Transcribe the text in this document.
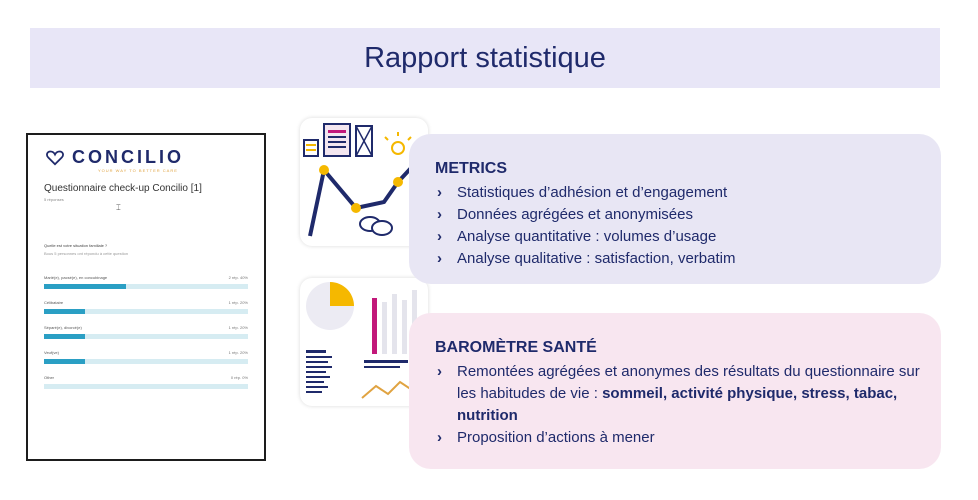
Rapport statistique
CONCILIO
YOUR WAY TO BETTER CARE
Questionnaire check-up Concilio [1]
5 réponses
⌶
Quelle est votre situation familiale ?
Bous 5 personnes ont répondu à cette question
Marié(e), pacsé(e), en concubinage	2 rép. 40%
Célibataire	1 rép. 20%
Séparé(e), divorcé(e)	1 rép. 20%
Veuf(ve)	1 rép. 20%
Other	0 rép. 0%
METRICS
› Statistiques d’adhésion et d’engagement
› Données agrégées et anonymisées
› Analyse quantitative : volumes d’usage
› Analyse qualitative : satisfaction, verbatim
BAROMÈTRE SANTÉ
› Remontées agrégées et anonymes des résultats du questionnaire sur les habitudes de vie : sommeil, activité physique, stress, tabac, nutrition
› Proposition d’actions à mener
